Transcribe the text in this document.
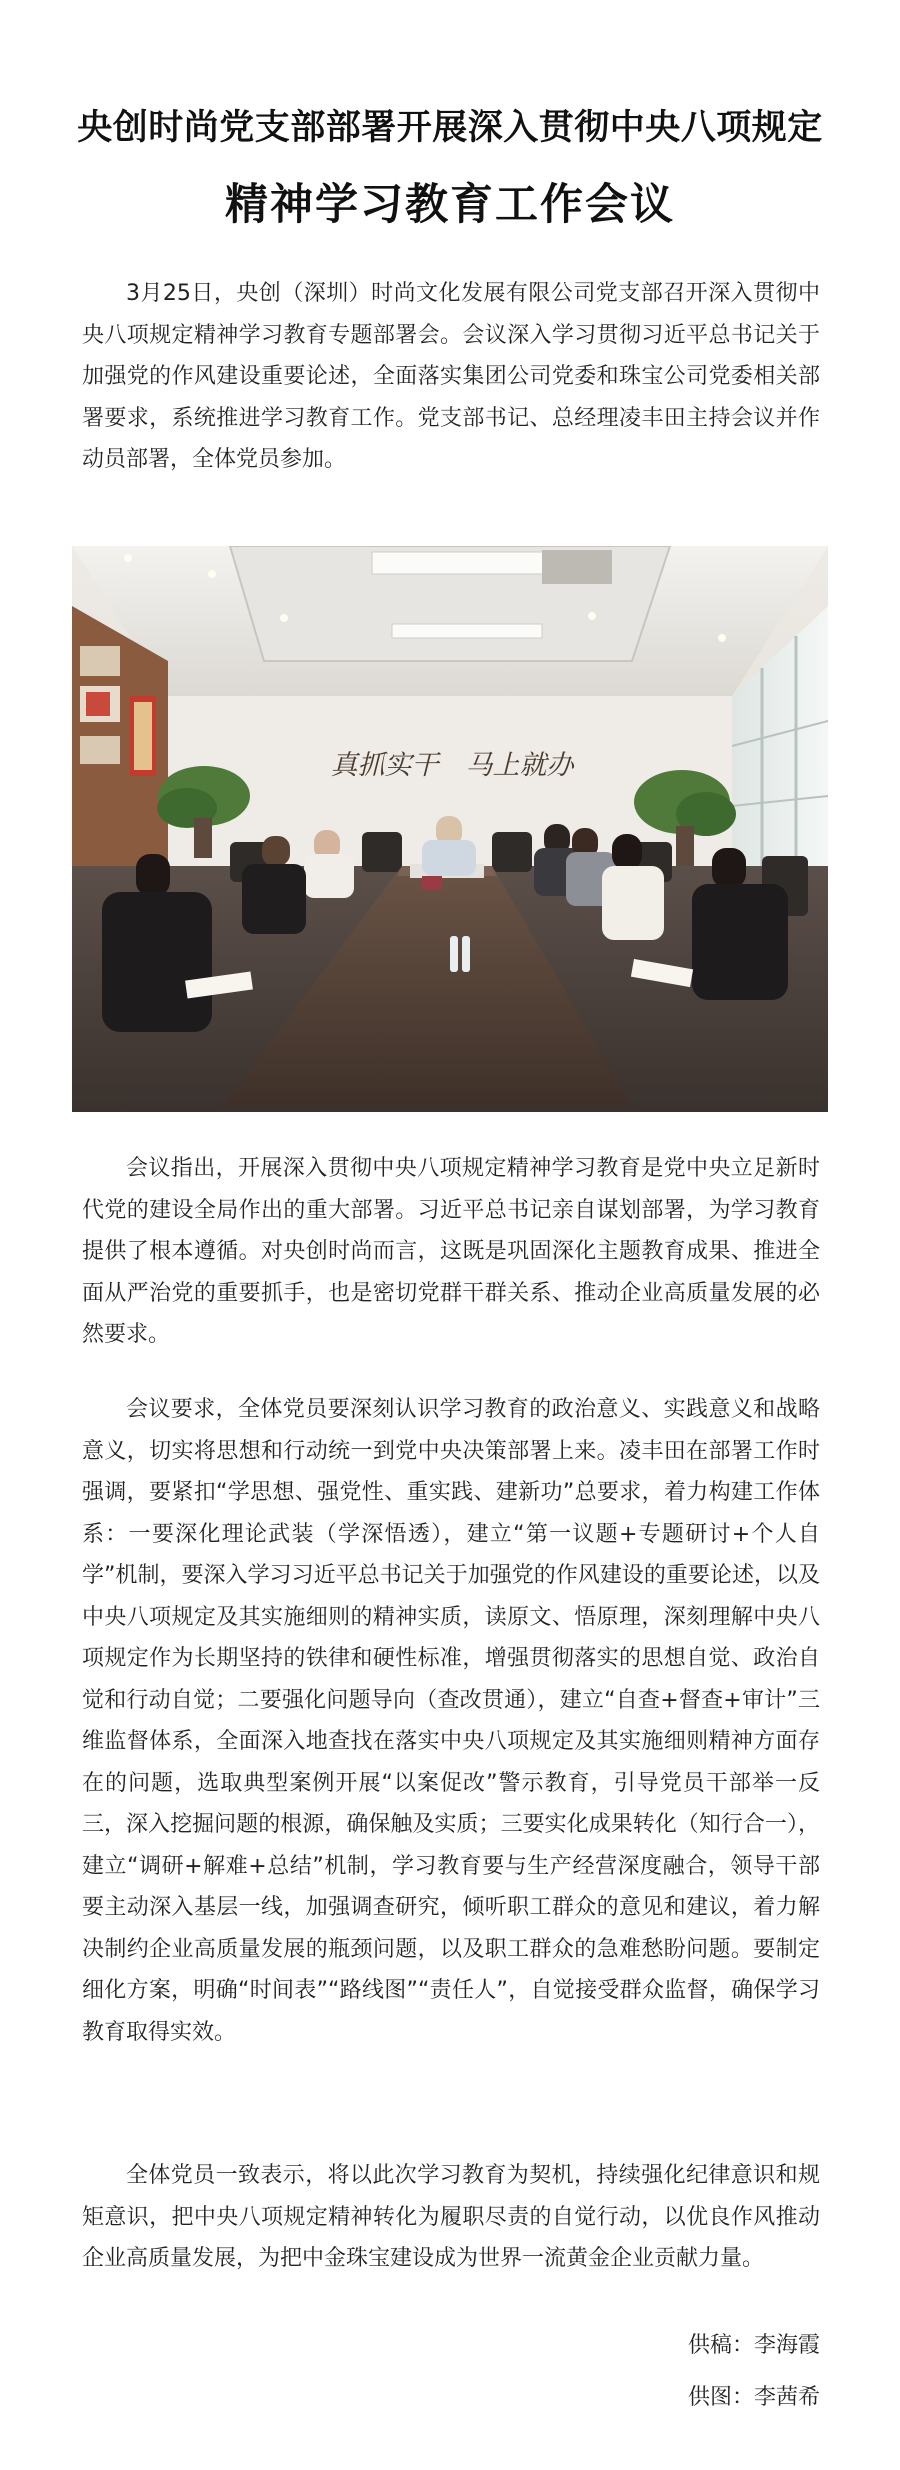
央创时尚党支部部署开展深入贯彻中央八项规定
精神学习教育工作会议

3月25日，央创（深圳）时尚文化发展有限公司党支部召开深入贯彻中央八项规定精神学习教育专题部署会。会议深入学习贯彻习近平总书记关于加强党的作风建设重要论述，全面落实集团公司党委和珠宝公司党委相关部署要求，系统推进学习教育工作。党支部书记、总经理凌丰田主持会议并作动员部署，全体党员参加。

真抓实干　马上就办

会议指出，开展深入贯彻中央八项规定精神学习教育是党中央立足新时代党的建设全局作出的重大部署。习近平总书记亲自谋划部署，为学习教育提供了根本遵循。对央创时尚而言，这既是巩固深化主题教育成果、推进全面从严治党的重要抓手，也是密切党群干群关系、推动企业高质量发展的必然要求。

会议要求，全体党员要深刻认识学习教育的政治意义、实践意义和战略意义，切实将思想和行动统一到党中央决策部署上来。凌丰田在部署工作时强调，要紧扣“学思想、强党性、重实践、建新功”总要求，着力构建工作体系：一要深化理论武装（学深悟透），建立“第一议题+专题研讨+个人自学”机制，要深入学习习近平总书记关于加强党的作风建设的重要论述，以及中央八项规定及其实施细则的精神实质，读原文、悟原理，深刻理解中央八项规定作为长期坚持的铁律和硬性标准，增强贯彻落实的思想自觉、政治自觉和行动自觉；二要强化问题导向（查改贯通），建立“自查+督查+审计”三维监督体系，全面深入地查找在落实中央八项规定及其实施细则精神方面存在的问题，选取典型案例开展“以案促改”警示教育，引导党员干部举一反三，深入挖掘问题的根源，确保触及实质；三要实化成果转化（知行合一），建立“调研+解难+总结”机制，学习教育要与生产经营深度融合，领导干部要主动深入基层一线，加强调查研究，倾听职工群众的意见和建议，着力解决制约企业高质量发展的瓶颈问题，以及职工群众的急难愁盼问题。要制定细化方案，明确“时间表”“路线图”“责任人”，自觉接受群众监督，确保学习教育取得实效。

全体党员一致表示，将以此次学习教育为契机，持续强化纪律意识和规矩意识，把中央八项规定精神转化为履职尽责的自觉行动，以优良作风推动企业高质量发展，为把中金珠宝建设成为世界一流黄金企业贡献力量。

供稿：李海霞
供图：李茜希
